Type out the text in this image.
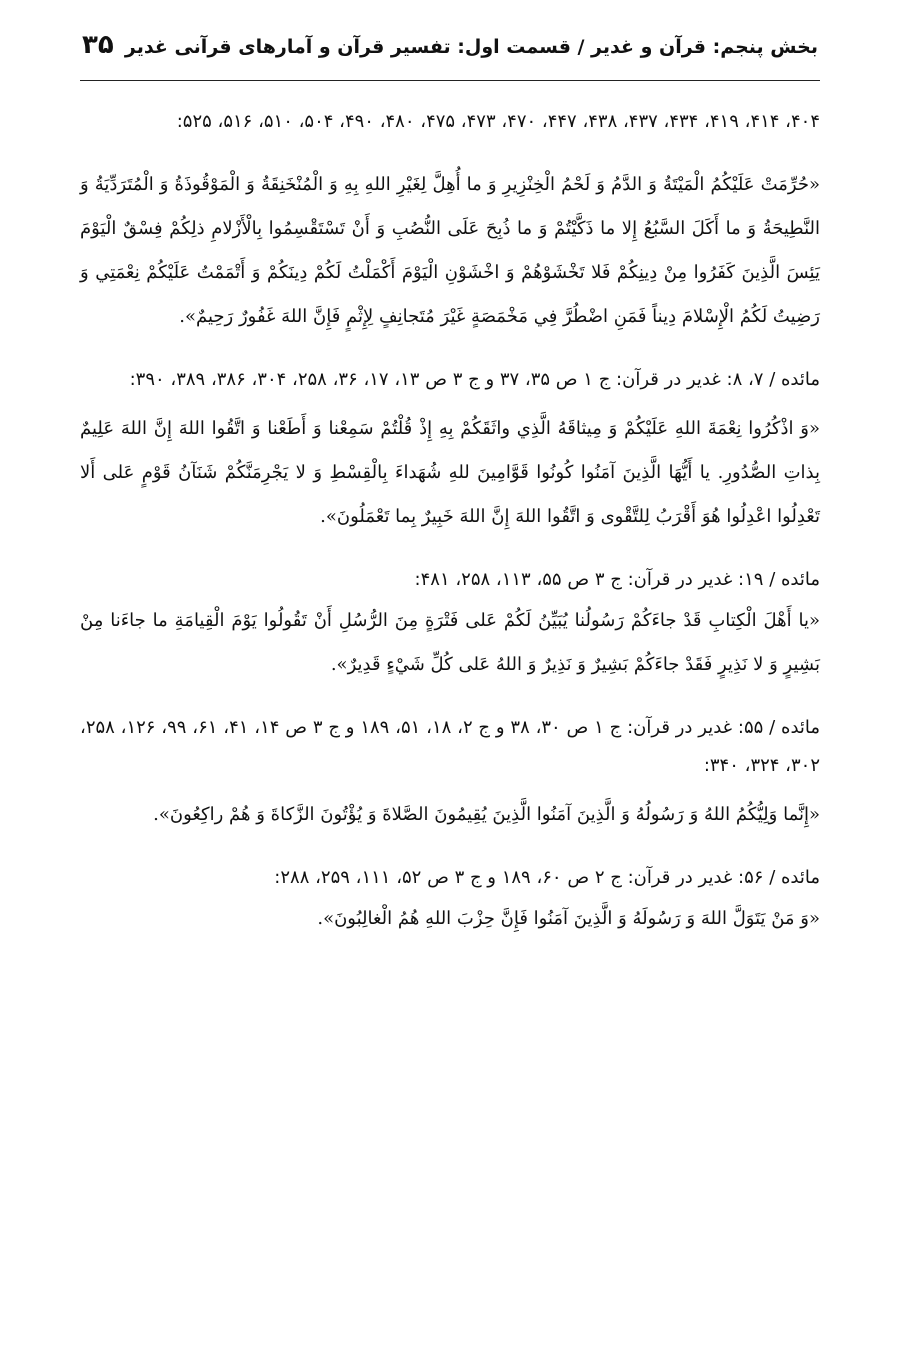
بخش پنجم: قرآن و غدیر / قسمت اول: تفسیر قرآن و آمارهای قرآنی غدیر
۳۵
۴۰۴، ۴۱۴، ۴۱۹، ۴۳۴، ۴۳۷، ۴۳۸، ۴۴۷، ۴۷۰، ۴۷۳، ۴۷۵، ۴۸۰، ۴۹۰، ۵۰۴، ۵۱۰، ۵۱۶، ۵۲۵:
«حُرِّمَتْ عَلَيْكُمُ الْمَيْتَةُ وَ الدَّمُ وَ لَحْمُ الْخِنْزِيرِ وَ ما أُهِلَّ لِغَيْرِ اللهِ بِهِ وَ الْمُنْخَنِقَةُ وَ الْمَوْقُوذَةُ وَ الْمُتَرَدِّيَةُ وَ النَّطِيحَةُ وَ ما أَكَلَ السَّبُعُ إِلا ما ذَكَّيْتُمْ وَ ما ذُبِحَ عَلَى النُّصُبِ وَ أَنْ تَسْتَقْسِمُوا بِالْأَزْلامِ ذلِكُمْ فِسْقٌ الْيَوْمَ يَئِسَ الَّذِينَ كَفَرُوا مِنْ دِينِكُمْ فَلا تَخْشَوْهُمْ وَ اخْشَوْنِ الْيَوْمَ أَكْمَلْتُ لَكُمْ دِينَكُمْ وَ أَتْمَمْتُ عَلَيْكُمْ نِعْمَتِي وَ رَضِيتُ لَكُمُ الْإِسْلامَ دِيناً فَمَنِ اضْطُرَّ فِي مَخْمَصَةٍ غَيْرَ مُتَجانِفٍ لِإِثْمٍ فَإِنَّ اللهَ غَفُورٌ رَحِيمٌ».
مائده / ۷، ۸: غدیر در قرآن: ج ۱ ص ۳۵، ۳۷ و ج ۳ ص ۱۳، ۱۷، ۳۶، ۲۵۸، ۳۰۴، ۳۸۶، ۳۸۹، ۳۹۰:
«وَ اذْكُرُوا نِعْمَةَ اللهِ عَلَيْكُمْ وَ مِيثاقَهُ الَّذِي واثَقَكُمْ بِهِ إِذْ قُلْتُمْ سَمِعْنا وَ أَطَعْنا وَ اتَّقُوا اللهَ إِنَّ اللهَ عَلِيمٌ بِذاتِ الصُّدُورِ. يا أَيُّهَا الَّذِينَ آمَنُوا كُونُوا قَوَّامِينَ للهِ شُهَداءَ بِالْقِسْطِ وَ لا يَجْرِمَنَّكُمْ شَنَآنُ قَوْمٍ عَلى أَلا تَعْدِلُوا اعْدِلُوا هُوَ أَقْرَبُ لِلتَّقْوى وَ اتَّقُوا اللهَ إِنَّ اللهَ خَبِيرٌ بِما تَعْمَلُونَ».
مائده / ۱۹: غدیر در قرآن: ج ۳ ص ۵۵، ۱۱۳، ۲۵۸، ۴۸۱:
«يا أَهْلَ الْكِتابِ قَدْ جاءَكُمْ رَسُولُنا يُبَيِّنُ لَكُمْ عَلى فَتْرَةٍ مِنَ الرُّسُلِ أَنْ تَقُولُوا يَوْمَ الْقِيامَةِ ما جاءَنا مِنْ بَشِيرٍ وَ لا نَذِيرٍ فَقَدْ جاءَكُمْ بَشِيرٌ وَ نَذِيرٌ وَ اللهُ عَلى كُلِّ شَيْءٍ قَدِيرٌ».
مائده / ۵۵: غدیر در قرآن: ج ۱ ص ۳۰، ۳۸ و ج ۲، ۱۸، ۵۱، ۱۸۹ و ج ۳ ص ۱۴، ۴۱، ۶۱، ۹۹، ۱۲۶، ۲۵۸، ۳۰۲، ۳۲۴، ۳۴۰:
«إِنَّما وَلِيُّكُمُ اللهُ وَ رَسُولُهُ وَ الَّذِينَ آمَنُوا الَّذِينَ يُقِيمُونَ الصَّلاةَ وَ يُؤْتُونَ الزَّكاةَ وَ هُمْ راكِعُونَ».
مائده / ۵۶: غدیر در قرآن: ج ۲ ص ۶۰، ۱۸۹ و ج ۳ ص ۵۲، ۱۱۱، ۲۵۹، ۲۸۸:
«وَ مَنْ يَتَوَلَّ اللهَ وَ رَسُولَهُ وَ الَّذِينَ آمَنُوا فَإِنَّ حِزْبَ اللهِ هُمُ الْغالِبُونَ».
